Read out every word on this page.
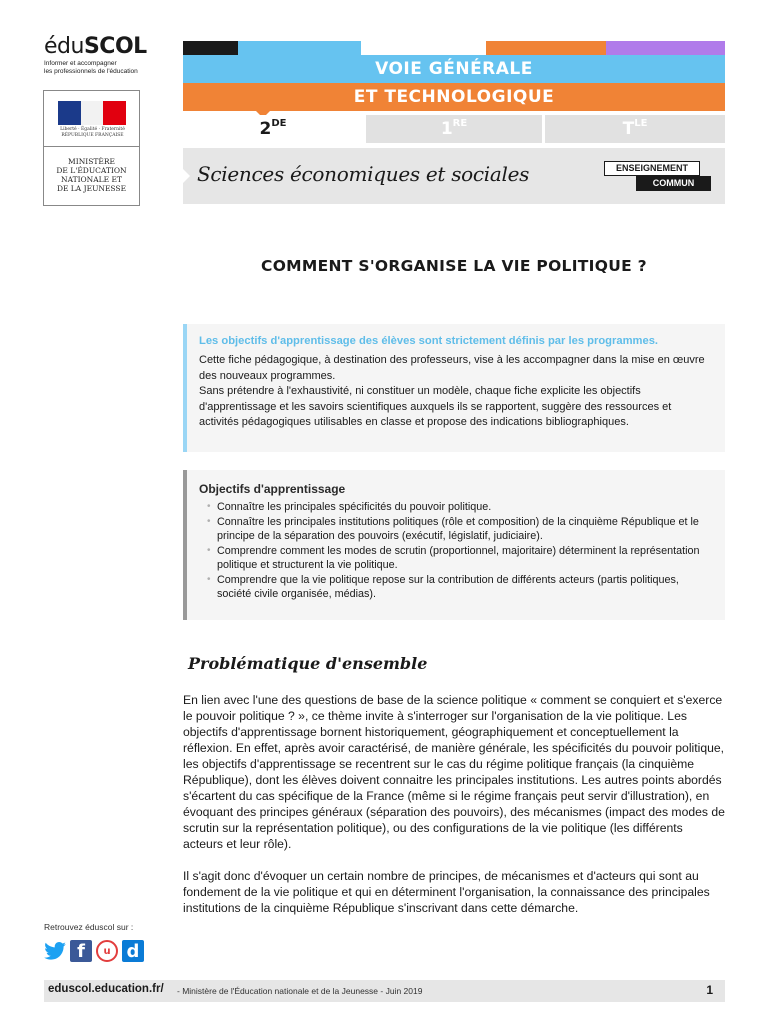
éduSCOL
Informer et accompagner
les professionnels de l'éducation
Liberté · Égalité · Fraternité
RÉPUBLIQUE FRANÇAISE
MINISTÈRE
DE L'ÉDUCATION
NATIONALE ET
DE LA JEUNESSE
VOIE GÉNÉRALE
ET TECHNOLOGIQUE
2DE	1RE	$T^{LE}$
Sciences économiques et sociales	ENSEIGNEMENT
COMMUN
COMMENT S'ORGANISE LA VIE POLITIQUE ?
Les objectifs d'apprentissage des élèves sont strictement définis par les programmes.
Cette fiche pédagogique, à destination des professeurs, vise à les accompagner dans la mise en œuvre des nouveaux programmes.
Sans prétendre à l'exhaustivité, ni constituer un modèle, chaque fiche explicite les objectifs d'apprentissage et les savoirs scientifiques auxquels ils se rapportent, suggère des ressources et activités pédagogiques utilisables en classe et propose des indications bibliographiques.
Objectifs d'apprentissage
• Connaître les principales spécificités du pouvoir politique.
• Connaître les principales institutions politiques (rôle et composition) de la cinquième République et le principe de la séparation des pouvoirs (exécutif, législatif, judiciaire).
• Comprendre comment les modes de scrutin (proportionnel, majoritaire) déterminent la représentation politique et structurent la vie politique.
• Comprendre que la vie politique repose sur la contribution de différents acteurs (partis politiques, société civile organisée, médias).
Problématique d'ensemble

En lien avec l'une des questions de base de la science politique « comment se conquiert et s'exerce le pouvoir politique ? », ce thème invite à s'interroger sur l'organisation de la vie politique. Les objectifs d'apprentissage bornent historiquement, géographiquement et conceptuellement la réflexion. En effet, après avoir caractérisé, de manière générale, les spécificités du pouvoir politique, les objectifs d'apprentissage se recentrent sur le cas du régime politique français (la cinquième République), dont les élèves doivent connaitre les principales institutions. Les autres points abordés s'écartent du cas spécifique de la France (même si le régime français peut servir d'illustration), en évoquant des principes généraux (séparation des pouvoirs), des mécanismes (impact des modes de scrutin sur la représentation politique), ou des configurations de la vie politique (les différents acteurs et leur rôle).

Il s'agit donc d'évoquer un certain nombre de principes, de mécanismes et d'acteurs qui sont au fondement de la vie politique et qui en déterminent l'organisation, la connaissance des principales institutions de la cinquième République s'inscrivant dans cette démarche.

Retrouvez éduscol sur :
f	u d
eduscol.education.fr/ - Ministère de l'Éducation nationale et de la Jeunesse - Juin 2019	1
